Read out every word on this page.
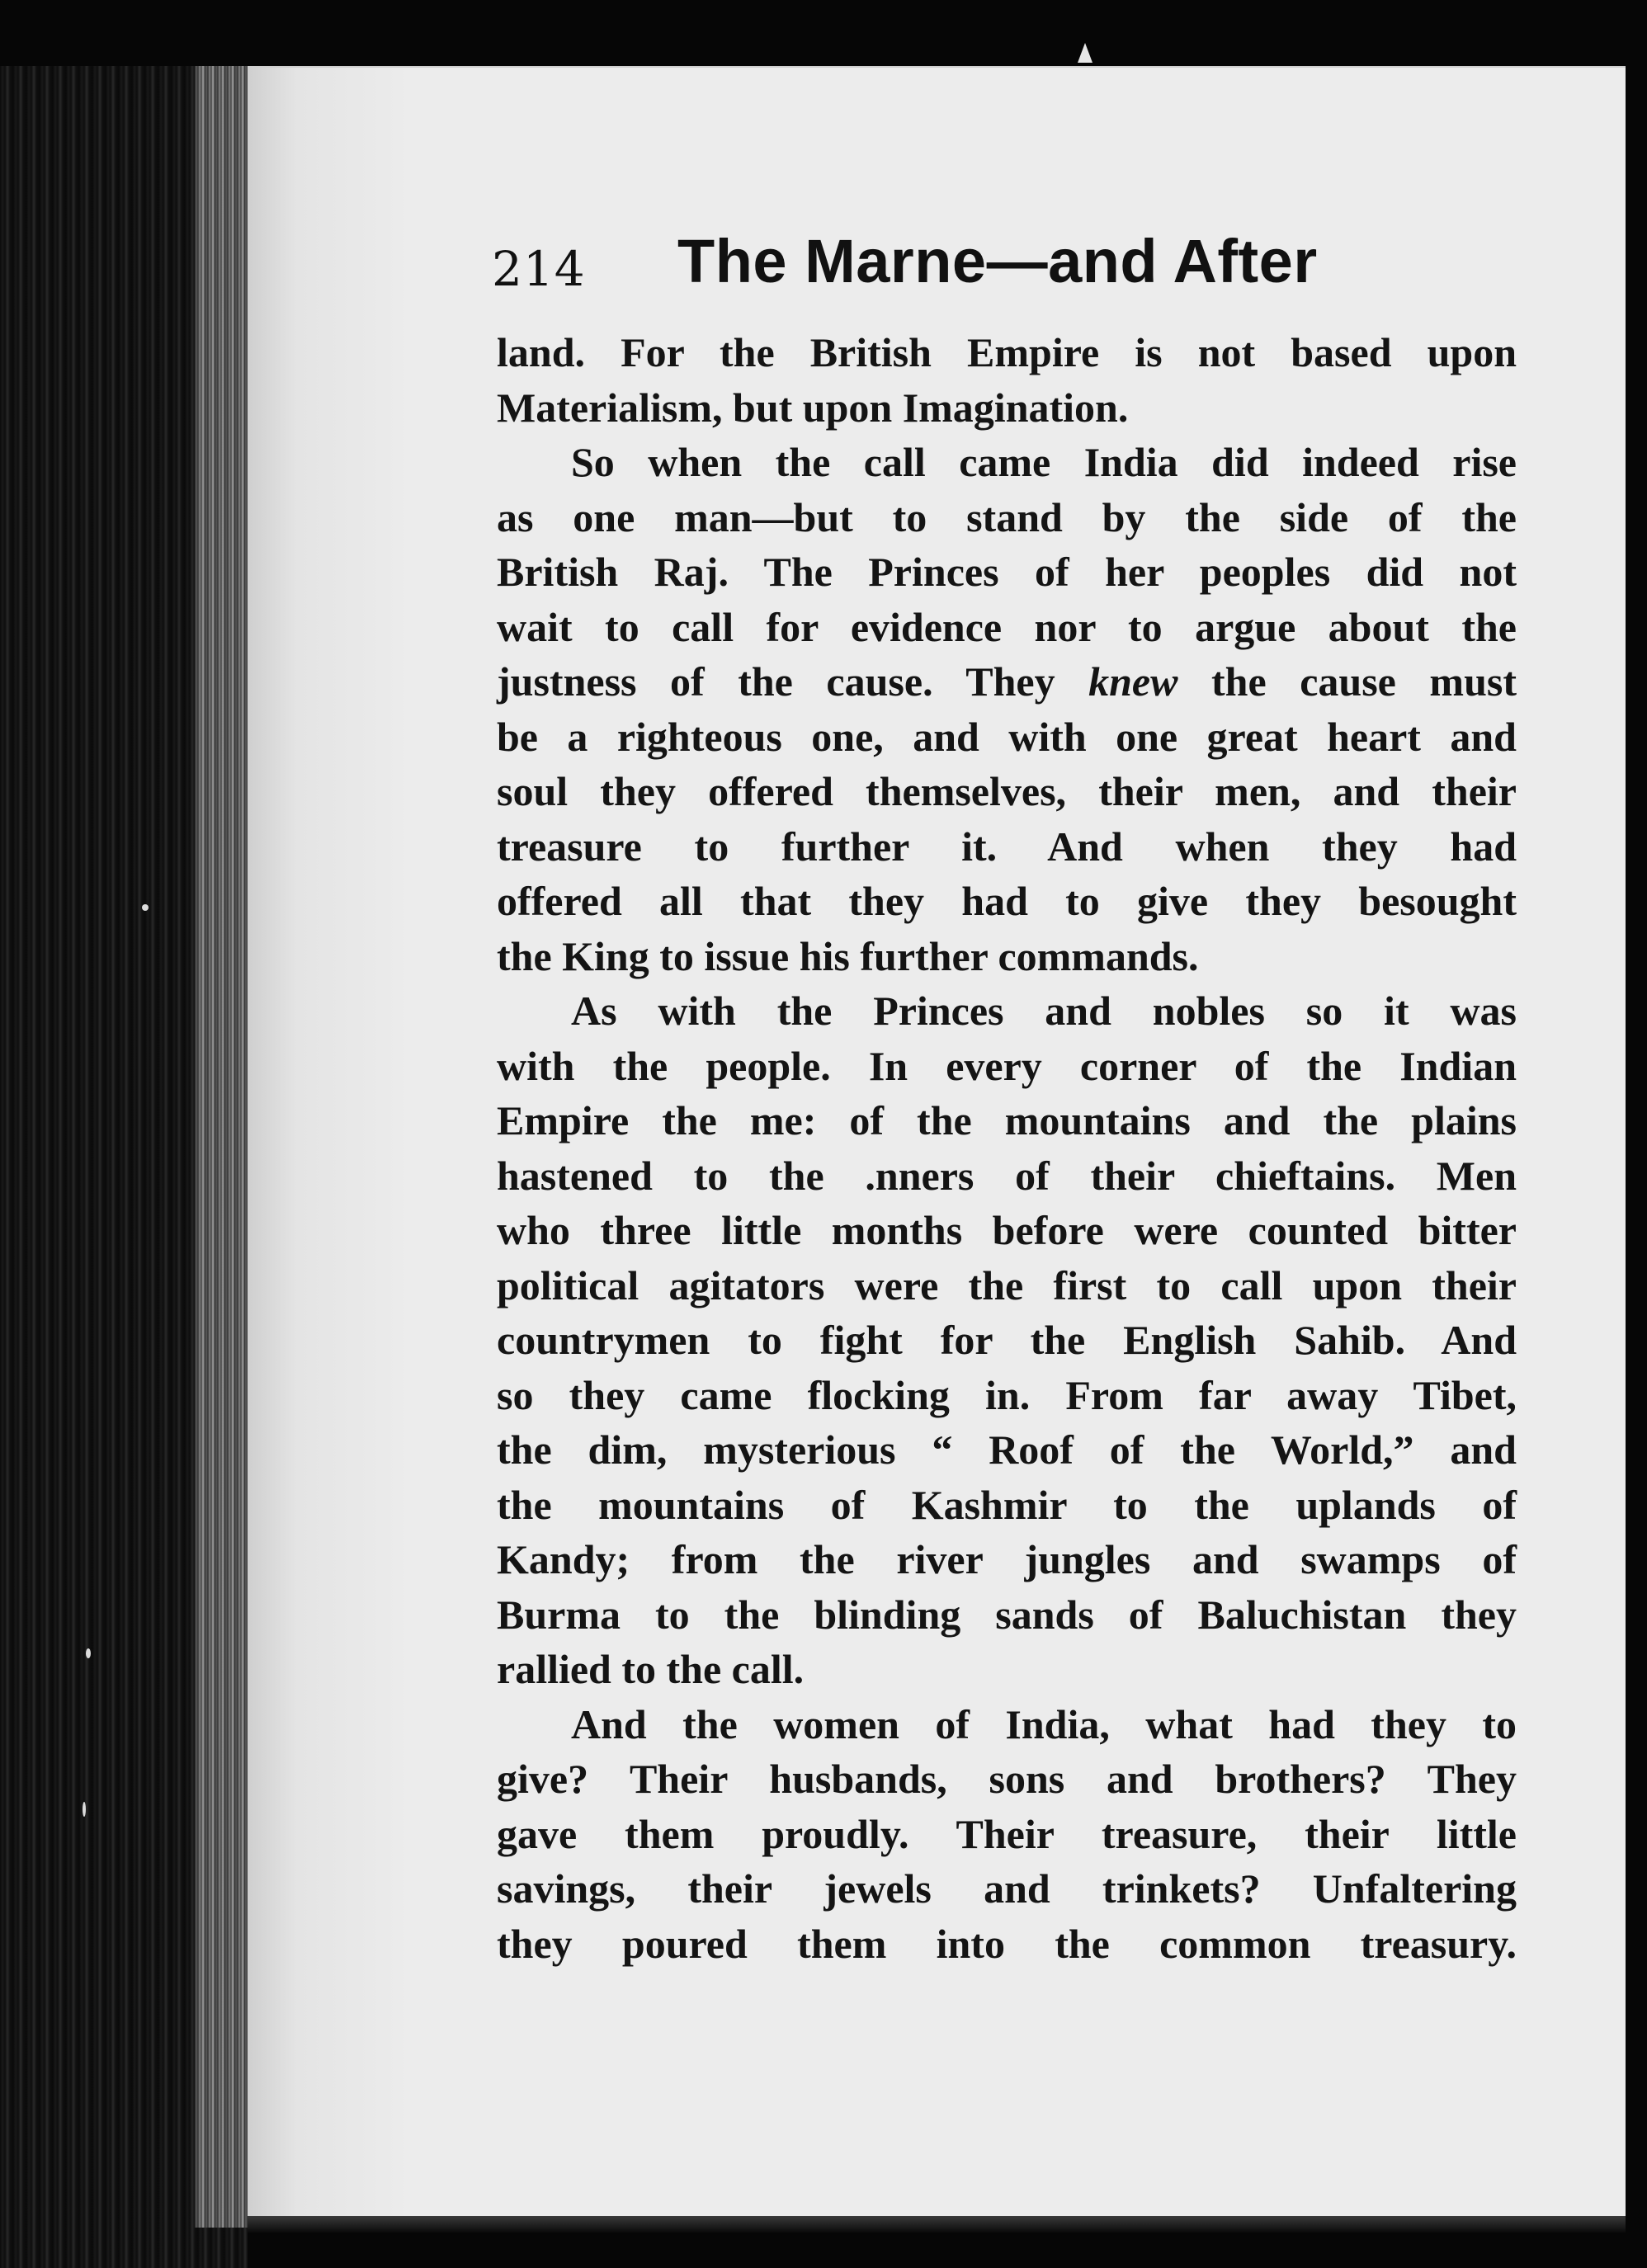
214 The Marne—and After
land. For the British Empire is not based upon
Materialism, but upon Imagination.
So when the call came India did indeed rise
as one man—but to stand by the side of the
British Raj. The Princes of her peoples did not
wait to call for evidence nor to argue about the
justness of the cause. They knew the cause must
be a righteous one, and with one great heart and
soul they offered themselves, their men, and their
treasure to further it. And when they had
offered all that they had to give they besought
the King to issue his further commands.
As with the Princes and nobles so it was
with the people. In every corner of the Indian
Empire the me: of the mountains and the plains
hastened to the .nners of their chieftains. Men
who three little months before were counted bitter
political agitators were the first to call upon their
countrymen to fight for the English Sahib. And
so they came flocking in. From far away Tibet,
the dim, mysterious “ Roof of the World,” and
the mountains of Kashmir to the uplands of
Kandy; from the river jungles and swamps of
Burma to the blinding sands of Baluchistan they
rallied to the call.
And the women of India, what had they to
give? Their husbands, sons and brothers? They
gave them proudly. Their treasure, their little
savings, their jewels and trinkets? Unfaltering
they poured them into the common treasury.
